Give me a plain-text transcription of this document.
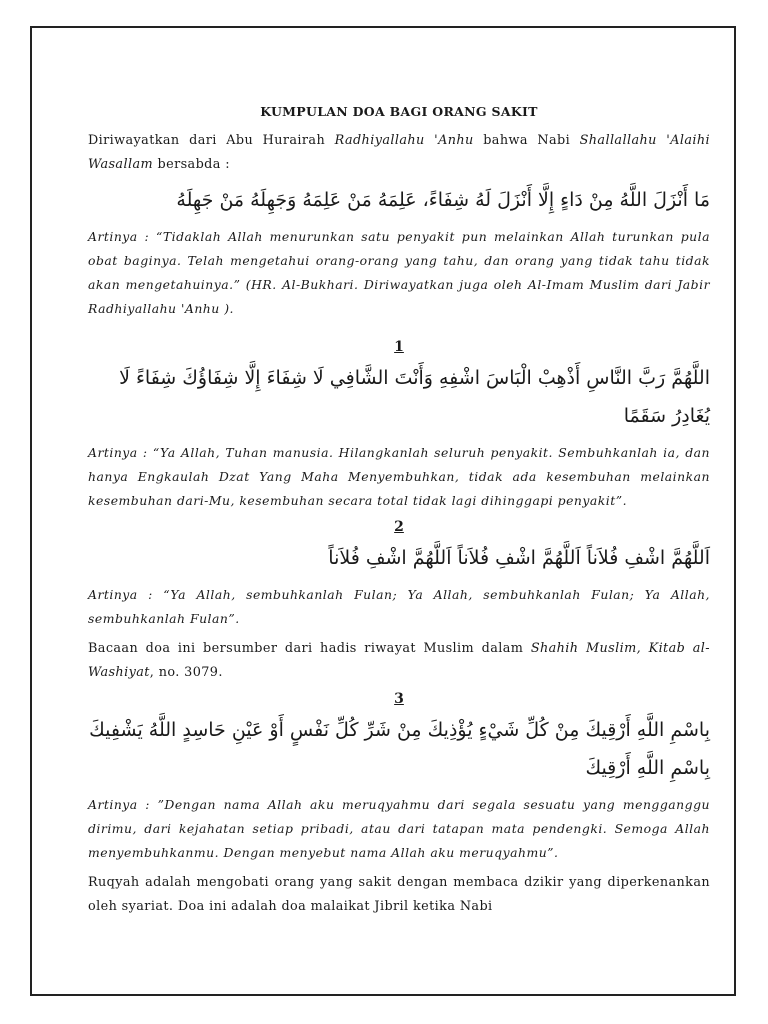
KUMPULAN DOA BAGI ORANG SAKIT

Diriwayatkan dari Abu Hurairah Radhiyallahu 'Anhu bahwa Nabi Shallallahu 'Alaihi Wasallam bersabda :

مَا أَنْزَلَ اللَّهُ مِنْ دَاءٍ إِلَّا أَنْزَلَ لَهُ شِفَاءً، عَلِمَهُ مَنْ عَلِمَهُ وَجَهِلَهُ مَنْ جَهِلَهُ

Artinya : “Tidaklah Allah menurunkan satu penyakit pun melainkan Allah turunkan pula obat baginya. Telah mengetahui orang-orang yang tahu, dan orang yang tidak tahu tidak akan mengetahuinya.” (HR. Al-Bukhari. Diriwayatkan juga oleh Al-Imam Muslim dari Jabir Radhiyallahu 'Anhu ).

1

اللَّهُمَّ رَبَّ النَّاسِ أَذْهِبْ الْبَاسَ اشْفِهِ وَأَنْتَ الشَّافِي لَا شِفَاءَ إِلَّا شِفَاؤُكَ شِفَاءً لَا يُغَادِرُ سَقَمًا

Artinya : “Ya Allah, Tuhan manusia. Hilangkanlah seluruh penyakit. Sembuhkanlah ia, dan hanya Engkaulah Dzat Yang Maha Menyembuhkan, tidak ada kesembuhan melainkan kesembuhan dari-Mu, kesembuhan secara total tidak lagi dihinggapi penyakit”.

2

اَللَّهُمَّ اشْفِ فُلاَناً اَللَّهُمَّ اشْفِ فُلاَناً اَللَّهُمَّ اشْفِ فُلاَناً

Artinya : “Ya Allah, sembuhkanlah Fulan; Ya Allah, sembuhkanlah Fulan; Ya Allah, sembuhkanlah Fulan”.

Bacaan doa ini bersumber dari hadis riwayat Muslim dalam Shahih Muslim, Kitab al-Washiyat, no. 3079.

3

بِاسْمِ اللَّهِ أَرْقِيكَ مِنْ كُلِّ شَيْءٍ يُؤْذِيكَ مِنْ شَرِّ كُلِّ نَفْسٍ أَوْ عَيْنِ حَاسِدٍ اللَّهُ يَشْفِيكَ بِاسْمِ اللَّهِ أَرْقِيكَ

Artinya : ”Dengan nama Allah aku meruqyahmu dari segala sesuatu yang mengganggu dirimu, dari kejahatan setiap pribadi, atau dari tatapan mata pendengki. Semoga Allah menyembuhkanmu. Dengan menyebut nama Allah aku meruqyahmu”.

Ruqyah adalah mengobati orang yang sakit dengan membaca dzikir yang diperkenankan oleh syariat. Doa ini adalah doa malaikat Jibril ketika Nabi
